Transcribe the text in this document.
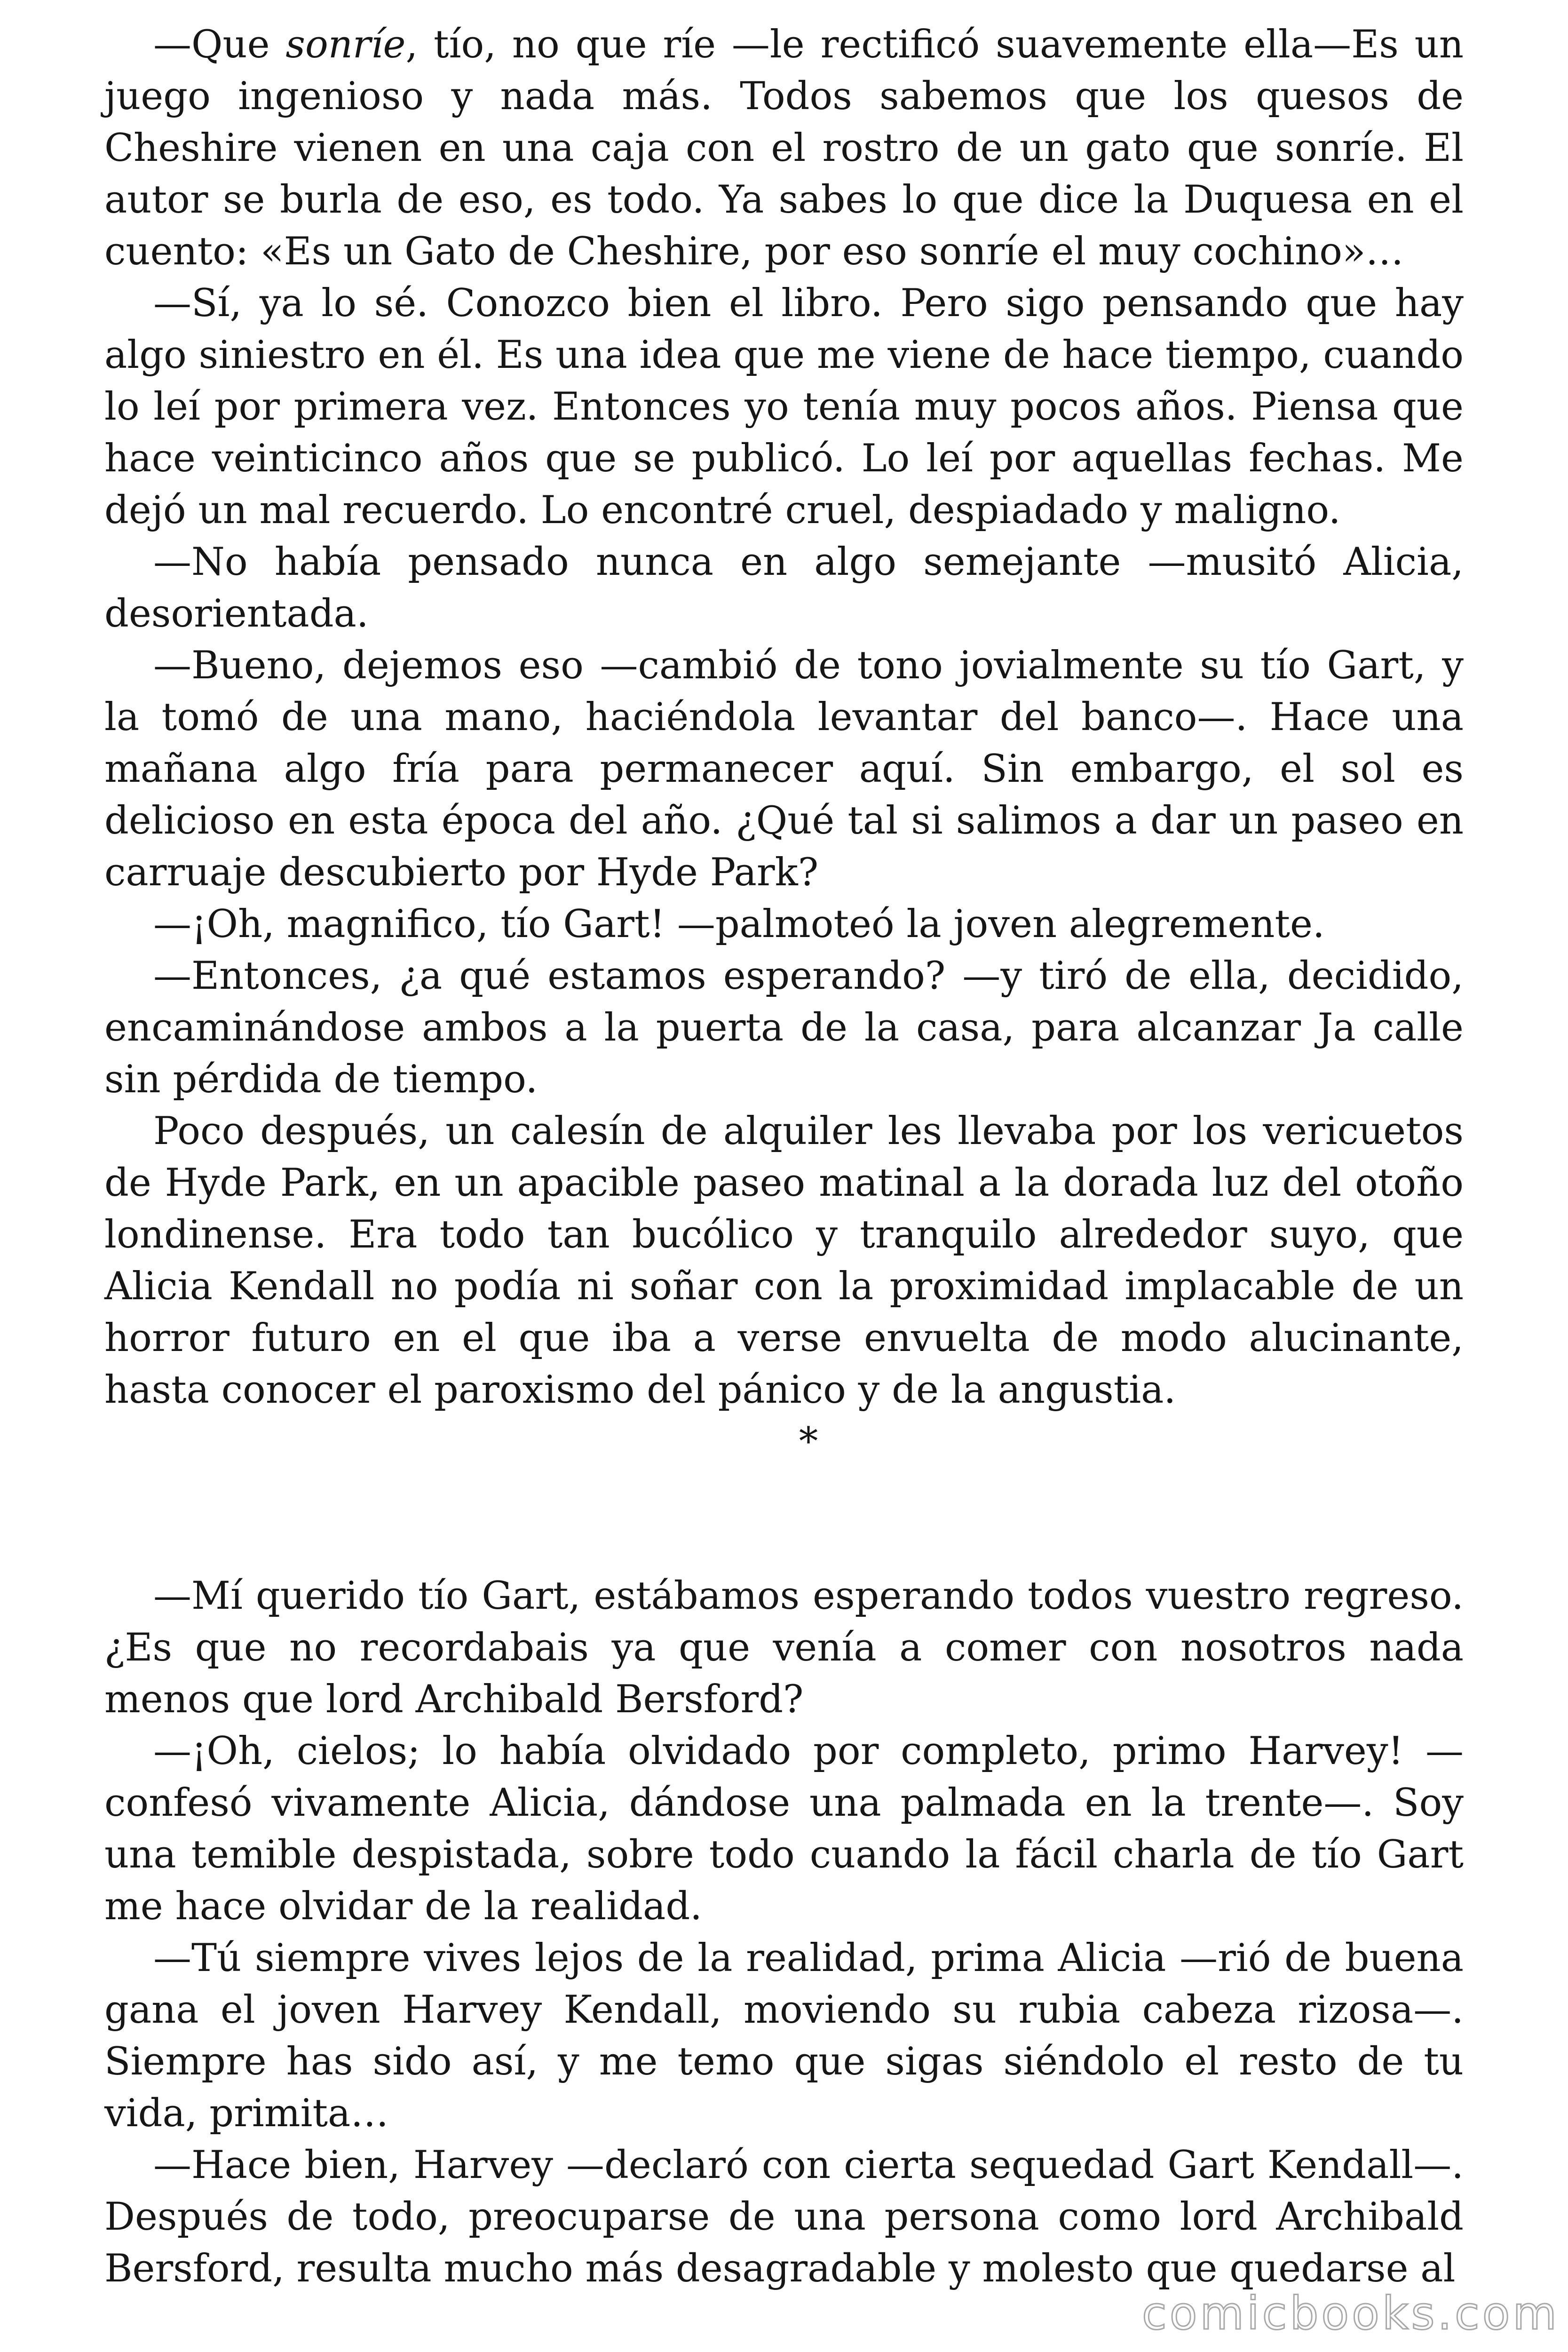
—Que sonríe, tío, no que ríe —le rectificó suavemente ella—Es un juego ingenioso y nada más. Todos sabemos que los quesos de Cheshire vienen en una caja con el rostro de un gato que sonríe. El autor se burla de eso, es todo. Ya sabes lo que dice la Duquesa en el cuento: «Es un Gato de Cheshire, por eso sonríe el muy cochino»…

—Sí, ya lo sé. Conozco bien el libro. Pero sigo pensando que hay algo siniestro en él. Es una idea que me viene de hace tiempo, cuando lo leí por primera vez. Entonces yo tenía muy pocos años. Piensa que hace veinticinco años que se publicó. Lo leí por aquellas fechas. Me dejó un mal recuerdo. Lo encontré cruel, despiadado y maligno.

—No había pensado nunca en algo semejante —musitó Alicia, desorientada.

—Bueno, dejemos eso —cambió de tono jovialmente su tío Gart, y la tomó de una mano, haciéndola levantar del banco—. Hace una mañana algo fría para permanecer aquí. Sin embargo, el sol es delicioso en esta época del año. ¿Qué tal si salimos a dar un paseo en carruaje descubierto por Hyde Park?

—¡Oh, magnifico, tío Gart! —palmoteó la joven alegremente.

—Entonces, ¿a qué estamos esperando? —y tiró de ella, decidido, encaminándose ambos a la puerta de la casa, para alcanzar Ja calle sin pérdida de tiempo.

Poco después, un calesín de alquiler les llevaba por los vericuetos de Hyde Park, en un apacible paseo matinal a la dorada luz del otoño londinense. Era todo tan bucólico y tranquilo alrededor suyo, que Alicia Kendall no podía ni soñar con la proximidad implacable de un horror futuro en el que iba a verse envuelta de modo alucinante, hasta conocer el paroxismo del pánico y de la angustia.

*

—Mí querido tío Gart, estábamos esperando todos vuestro regreso. ¿Es que no recordabais ya que venía a comer con nosotros nada menos que lord Archibald Bersford?

—¡Oh, cielos; lo había olvidado por completo, primo Harvey! —confesó vivamente Alicia, dándose una palmada en la trente—. Soy una temible despistada, sobre todo cuando la fácil charla de tío Gart me hace olvidar de la realidad.

—Tú siempre vives lejos de la realidad, prima Alicia —rió de buena gana el joven Harvey Kendall, moviendo su rubia cabeza rizosa—. Siempre has sido así, y me temo que sigas siéndolo el resto de tu vida, primita…

—Hace bien, Harvey —declaró con cierta sequedad Gart Kendall—. Después de todo, preocuparse de una persona como lord Archibald Bersford, resulta mucho más desagradable y molesto que quedarse al

comicbooks.com
